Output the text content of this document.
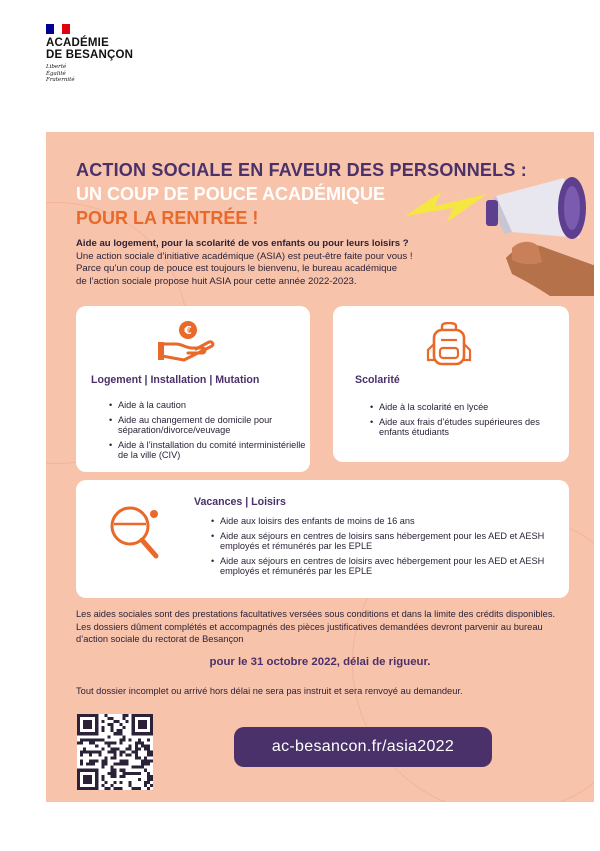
ACADÉMIE
DE BESANÇON
Liberté
Égalité
Fraternité
ACTION SOCIALE EN FAVEUR DES PERSONNELS :
UN COUP DE POUCE ACADÉMIQUE
POUR LA RENTRÉE !
Aide au logement, pour la scolarité de vos enfants ou pour leurs loisirs ?
Une action sociale d’initiative académique (ASIA) est peut-être faite pour vous !
Parce qu’un coup de pouce est toujours le bienvenu, le bureau académique
de l’action sociale propose huit ASIA pour cette année 2022-2023.
€
Logement | Installation | Mutation
• Aide à la caution
• Aide au changement de domicile pour séparation/divorce/veuvage
• Aide à l’installation du comité interministérielle de la ville (CIV)
Scolarité
• Aide à la scolarité en lycée
• Aide aux frais d’études supérieures des enfants étudiants
Vacances | Loisirs
• Aide aux loisirs des enfants de moins de 16 ans
• Aide aux séjours en centres de loisirs sans hébergement pour les AED et AESH employés et rémunérés par les EPLE
• Aide aux séjours en centres de loisirs avec hébergement pour les AED et AESH employés et rémunérés par les EPLE
Les aides sociales sont des prestations facultatives versées sous conditions et dans la limite des crédits disponibles. Les dossiers dûment complétés et accompagnés des pièces justificatives demandées devront parvenir au bureau d’action sociale du rectorat de Besançon
pour le 31 octobre 2022, délai de rigueur.
Tout dossier incomplet ou arrivé hors délai ne sera pas instruit et sera renvoyé au demandeur.
ac-besancon.fr/asia2022
